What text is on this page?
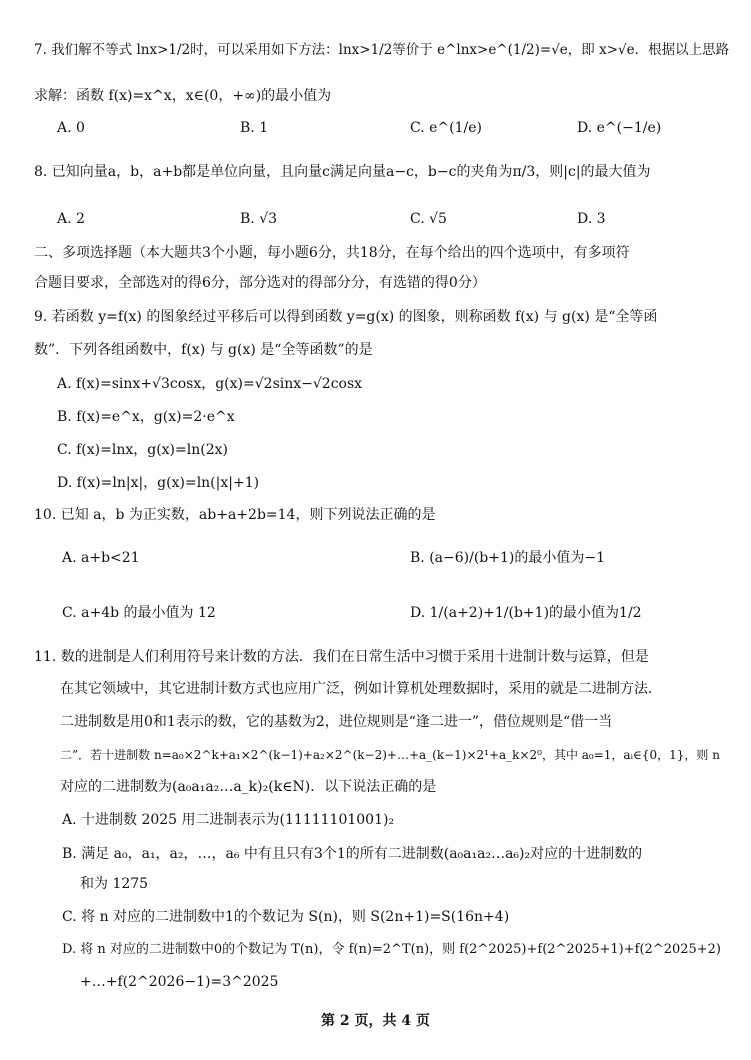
7. 我们解不等式 lnx>1/2时，可以采用如下方法：lnx>1/2等价于 e^lnx>e^(1/2)=√e，即 x>√e．根据以上思路
求解：函数 f(x)=x^x，x∈(0，+∞)的最小值为
A. 0	B. 1	C. e^(1/e)	D. e^(−1/e)
8. 已知向量a，b，a+b都是单位向量，且向量c满足向量a−c，b−c的夹角为π/3，则|c|的最大值为
A. 2	B. √3	C. √5	D. 3
二、多项选择题（本大题共3个小题，每小题6分，共18分，在每个给出的四个选项中，有多项符
合题目要求，全部选对的得6分，部分选对的得部分分，有选错的得0分）
9. 若函数 y=f(x) 的图象经过平移后可以得到函数 y=g(x) 的图象，则称函数 f(x) 与 g(x) 是“全等函
数”．下列各组函数中，f(x) 与 g(x) 是“全等函数”的是
A. f(x)=sinx+√3cosx，g(x)=√2sinx−√2cosx
B. f(x)=e^x，g(x)=2·e^x
C. f(x)=lnx，g(x)=ln(2x)
D. f(x)=ln|x|，g(x)=ln(|x|+1)
10. 已知 a，b 为正实数，ab+a+2b=14，则下列说法正确的是
A. a+b<21	B. (a−6)/(b+1)的最小值为−1
C. a+4b 的最小值为 12	D. 1/(a+2)+1/(b+1)的最小值为1/2
11. 数的进制是人们利用符号来计数的方法．我们在日常生活中习惯于采用十进制计数与运算，但是
在其它领域中，其它进制计数方式也应用广泛，例如计算机处理数据时，采用的就是二进制方法．
二进制数是用0和1表示的数，它的基数为2，进位规则是“逢二进一”，借位规则是“借一当
二”．若十进制数 n=a₀×2^k+a₁×2^(k−1)+a₂×2^(k−2)+…+a_(k−1)×2¹+a_k×2⁰，其中 a₀=1，aᵢ∈{0，1}，则 n
对应的二进制数为(a₀a₁a₂…a_k)₂(k∈N)．以下说法正确的是
A. 十进制数 2025 用二进制表示为(11111101001)₂
B. 满足 a₀，a₁，a₂，…，a₆ 中有且只有3个1的所有二进制数(a₀a₁a₂…a₆)₂对应的十进制数的
和为 1275
C. 将 n 对应的二进制数中1的个数记为 S(n)，则 S(2n+1)=S(16n+4)
D. 将 n 对应的二进制数中0的个数记为 T(n)，令 f(n)=2^T(n)，则 f(2^2025)+f(2^2025+1)+f(2^2025+2)
+…+f(2^2026−1)=3^2025
第 2 页，共 4 页
